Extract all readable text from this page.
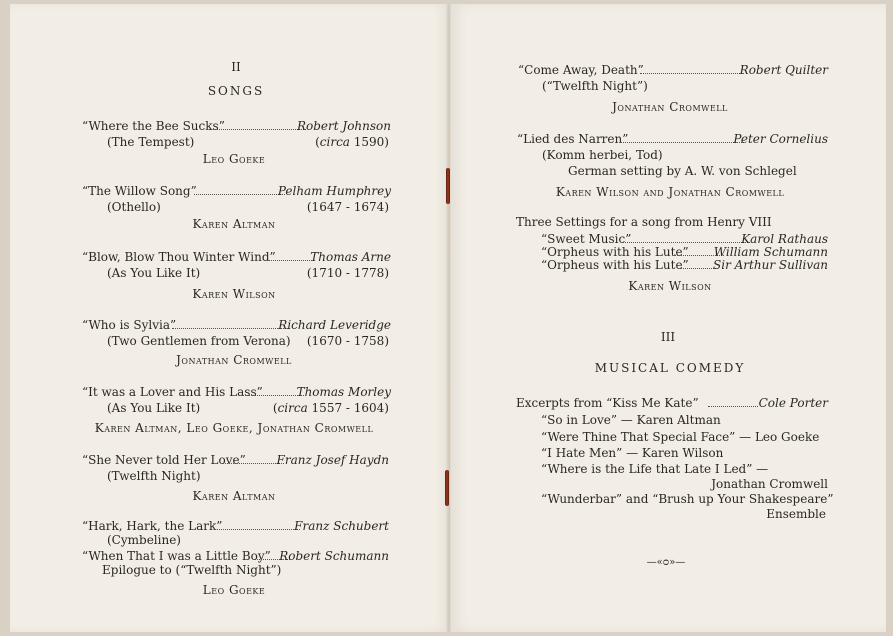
II
SONGS
“Where the Bee Sucks”	Robert Johnson
(The Tempest)	(circa 1590)
Leo Goeke
“The Willow Song”	Pelham Humphrey
(Othello)	(1647 - 1674)
Karen Altman
“Blow, Blow Thou Winter Wind”	Thomas Arne
(As You Like It)	(1710 - 1778)
Karen Wilson
“Who is Sylvia”	Richard Leveridge
(Two Gentlemen from Verona) (1670 - 1758)
Jonathan Cromwell
“It was a Lover and His Lass”	Thomas Morley
(As You Like It)	(circa 1557 - 1604)
Karen Altman, Leo Goeke, Jonathan Cromwell
“She Never told Her Love”	Franz Josef Haydn
(Twelfth Night)
Karen Altman
“Hark, Hark, the Lark”	Franz Schubert
(Cymbeline)
“When That I was a Little Boy” Robert Schumann
Epilogue to (“Twelfth Night”)
Leo Goeke
“Come Away, Death”	Robert Quilter
(“Twelfth Night”)
Jonathan Cromwell
“Lied des Narren”	Peter Cornelius
(Komm herbei, Tod)
German setting by A. W. von Schlegel
Karen Wilson and Jonathan Cromwell
Three Settings for a song from Henry VIII
“Sweet Music”	Karol Rathaus
“Orpheus with his Lute” William Schumann
“Orpheus with his Lute” Sir Arthur Sullivan
Karen Wilson
III
MUSICAL COMEDY
Excerpts from “Kiss Me Kate”	Cole Porter
“So in Love” — Karen Altman
“Were Thine That Special Face” — Leo Goeke
“I Hate Men” — Karen Wilson
“Where is the Life that Late I Led” —
Jonathan Cromwell
“Wunderbar” and “Brush up Your Shakespeare”
Ensemble
—«ᴑ»—
